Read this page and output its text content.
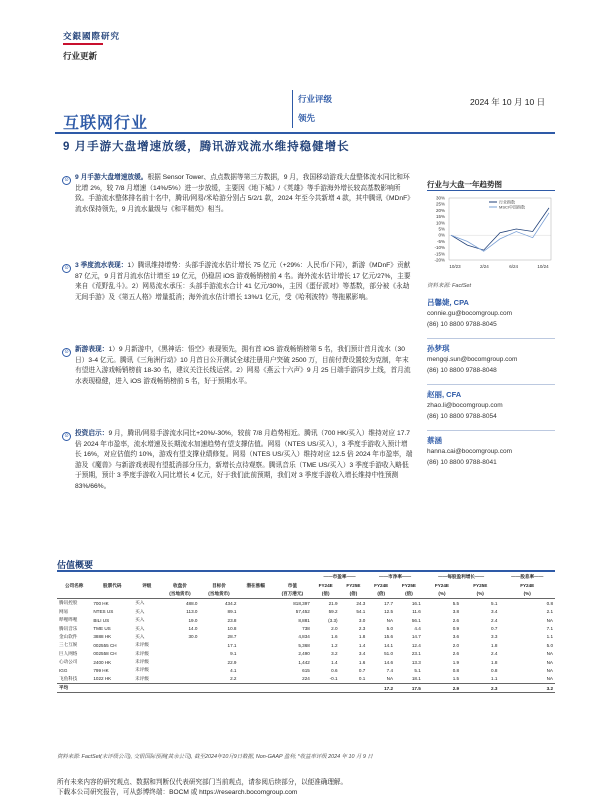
交銀國際研究
行业更新
互联网行业
行业评级
领先
2024 年 10 月 10 日
9 月手游大盘增速放缓，腾讯游戏流水维持稳健增长
⊙ 9 月手游大盘增速放缓。根据 Sensor Tower、点点数据等第三方数据，9 月，我国移动游戏大盘整体流水同比和环比增 2%，较 7/8 月增速（14%/5%）进一步放缓，主要因《地下城》/《英雄》等手游海外增长较高基数影响所致。手游流水整体排名前十名中，腾讯/网易/米哈游分别占 5/2/1 款，2024 年至今共新增 4 款，其中腾讯《MDnF》流水保持领先，9 月流水量级与《和平精英》相当。
⊙ 3 季度流水表现：1）腾讯维持增势：头部手游流水估计增长 75 亿元（+29%：人民币/下同），新游《MDnF》贡献 87 亿元，9 月首月流水估计增至 19 亿元，仍稳居 iOS 游戏畅销榜前 4 名。海外流水估计增长 17 亿元/27%，主要来自《荒野乱斗》。2）网易流水承压：头部手游流水合计 41 亿元/30%，主因《蛋仔派对》等基数，部分被《永劫无间手游》及《第五人格》增量抵消；海外流水估计增长 13%/1 亿元，受《哈利波特》等拖累影响。
⊙ 新游表现：1）9 月新游中，《黑神话：悟空》表现领先，拥有首 iOS 游戏畅销榜第 5 名，我们预计首月流水（30 日）3-4 亿元。腾讯《三角洲行动》10 月首日公开测试全球注册用户突破 2500 万，目前付费设置较为克制，年末有望进入游戏畅销榜前 18-30 名，建议关注长线运营。2）网易《燕云十六声》9 月 25 日端手游同步上线，首月流水表现稳健，进入 iOS 游戏畅销榜前 5 名，好于预期水平。
⊙ 投资启示：9 月，腾讯/网易手游流水同比+20%/-30%，较前 7/8 月趋势相近。腾讯（700 HK/买入）维持对应 17.7 倍 2024 年市盈率，流水增速及长期流水加速趋势有望支撑估值。网易（NTES US/买入），3 季度手游收入预计增长 16%，对应估值约 10%，游戏有望支撑业绩修复。网易（NTES US/买入）维持对应 12.5 倍 2024 年市盈率，端游及《魔兽》与新游戏表现有望抵消部分压力，新增长点待观察。腾讯音乐（TME US/买入）3 季度手游收入略低于预期，预计 3 季度手游收入同比增长 4 亿元，好于我们此前预期，我们对 3 季度手游收入增长维持中性预测 83%/66%。
行业与大盘一年趋势图
30%
25%
20%
15%
10%
5%
0%
-5%
-10%
-15%
-20%
10/23	2/24	6/24	10/24
行业指数
MSCI中国指数
资料来源: FactSet
吕馨婕, CPA
connie.gu@bocomgroup.com
(86) 10 8800 9788-8045
孙梦琪
mengqi.sun@bocomgroup.com
(86) 10 8800 9788-8048
赵丽, CFA
zhao.li@bocomgroup.com
(86) 10 8800 9788-8054
蔡涵
hanna.cai@bocomgroup.com
(86) 10 8800 9788-8041
估值概要
							——市盈率——		——市净率——		——每股盈利增长——		——股息率——
公司名称	股票代码	评级	收盘价	目标价	潜在涨幅	市值	FY24E	FY25E	FY24E	FY25E	FY24E	FY25E	FY24E
			(当地货币)	(当地货币)		(百万港元)	(倍)	(倍)	(倍)	(倍)	(%)	(%)	(%)
腾讯控股	700 HK	买入	488.0	434.2		818,397	21.9	24.3	17.7	16.1	5.5	5.1	0.8
网易	NTES US	买入	113.0	89.1		57,452	59.2	54.1	12.5	11.6	3.8	3.4	2.1
哔哩哔哩	BILI US	买入	19.0	23.8		8,881	(3.3)	3.0	NA	56.1	2.6	2.4	NA
腾讯音乐	TME US	买入	14.0	10.8		738	2.0	2.3	5.0	4.4	0.9	0.7	7.1
金山软件	3888 HK	买入	30.0	28.7		4,834	1.6	1.8	15.6	14.7	3.6	3.3	1.1
三七互娱	002555 CH	未评级		17.1		5,368	1.2	1.4	14.1	12.4	2.0	1.8	5.0
巨人网络	002558 CH	未评级		9.1		2,490	3.2	3.4	51.0	23.1	2.6	2.4	NA
心动公司	2400 HK	未评级		22.9		1,442	1.4	1.6	14.6	13.3	1.9	1.8	NA
IGG	799 HK	未评级		4.1		615	0.6	0.7	7.4	5.1	0.8	0.8	NA
飞鱼科技	1022 HK	未评级		2.2		224	-0.1	0.1	NA	18.1	1.5	1.1	NA
平均									17.2	17.5	2.9	2.3	3.2
资料来源: FactSet(未评级公司), 交银国际预测(其余公司), 截至2024年10月9日数据, Non-GAAP 盈利; *收益率评级 2024 年 10 月 9 日
所有未来内容的研究观点、数据和判断仅代表研究部门当前观点，请参阅后续部分，以便准确理解。
下载本公司研究报告，可从彭博终端：BOCM 或 https://research.bocomgroup.com
